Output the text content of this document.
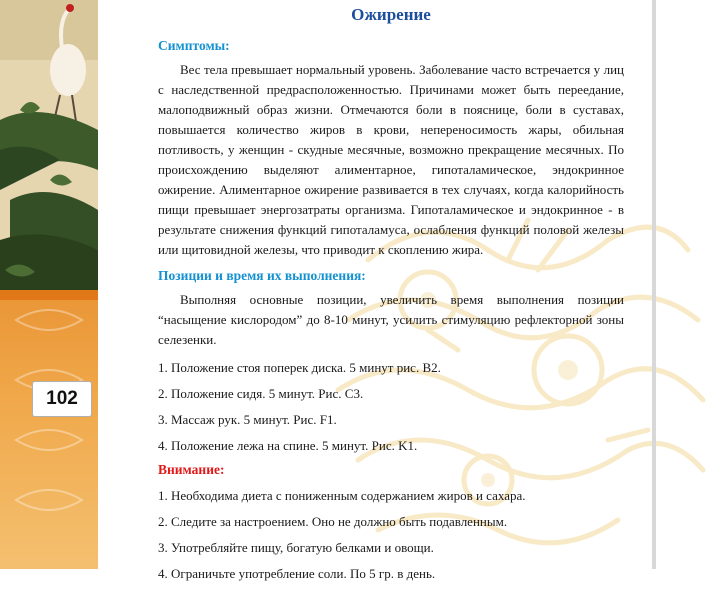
102
Ожирение
Симптомы:

Вес тела превышает нормальный уровень. Заболевание часто встречается у лиц с наследственной предрасположенностью. Причинами может быть переедание, малоподвижный образ жизни. Отмечаются боли в пояснице, боли в суставах, повышается количество жиров в крови, непереносимость жары, обильная потливость, у женщин - скудные месячные, возможно прекращение месячных. По происхождению выделяют алиментарное, гипоталамическое, эндокринное ожирение. Алиментарное ожирение развивается в тех случаях, когда калорийность пищи превышает энергозатраты организма. Гипоталамическое и эндокринное - в результате снижения функций гипоталамуса, ослабления функций половой железы или щитовидной железы, что приводит к скоплению жира.

Позиции и время их выполнения:

Выполняя основные позиции, увеличить время выполнения позиции “насыщение кислородом” до 8-10 минут, усилить стимуляцию рефлекторной зоны селезенки.

1. Положение стоя поперек диска. 5 минут рис. B2.
2. Положение сидя. 5 минут. Рис. C3.
3. Массаж рук. 5 минут. Рис. F1.
4. Положение лежа на спине. 5 минут. Рис. K1.
Внимание:
1. Необходима диета с пониженным содержанием жиров и сахара.
2. Следите за настроением. Оно не должно быть подавленным.
3. Употребляйте пищу, богатую белками и овощи.
4. Ограничьте употребление соли. По 5 гр. в день.
